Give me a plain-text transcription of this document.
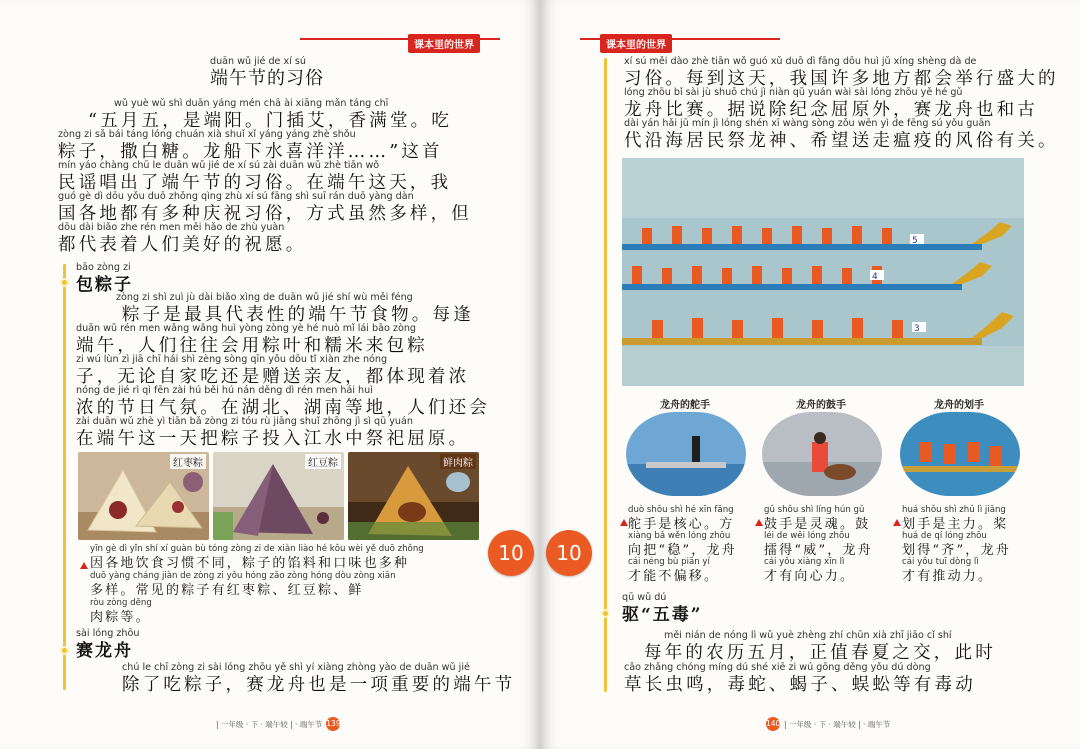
课本里的世界
duān wǔ jié de xí sú
端午节的习俗
wǔ yuè wǔ shì duān yáng mén chā ài xiāng mǎn táng chī
“五月五，是端阳。门插艾，香满堂。吃
zòng zi sǎ bái táng lóng chuán xià shuǐ xǐ yáng yáng zhè shǒu
粽子，撒白糖。龙船下水喜洋洋……”这首
mín yáo chàng chū le duān wǔ jié de xí sú zài duān wǔ zhè tiān wǒ
民谣唱出了端午节的习俗。在端午这天，我
guó gè dì dōu yǒu duō zhǒng qìng zhù xí sú fāng shì suī rán duō yàng dàn
国各地都有多种庆祝习俗，方式虽然多样，但
dōu dài biǎo zhe rén men měi hǎo de zhù yuàn
都代表着人们美好的祝愿。
bāo zòng zi
包粽子
zòng zi shì zuì jù dài biǎo xìng de duān wǔ jié shí wù měi féng
粽子是最具代表性的端午节食物。每逢
duān wǔ rén men wǎng wǎng huì yòng zòng yè hé nuò mǐ lái bāo zòng
端午，人们往往会用粽叶和糯米来包粽
zi wú lùn zì jiā chī hái shì zèng sòng qīn yǒu dōu tǐ xiàn zhe nóng
子，无论自家吃还是赠送亲友，都体现着浓
nóng de jié rì qì fēn zài hú běi hú nán děng dì rén men hái huì
浓的节日气氛。在湖北、湖南等地，人们还会
zài duān wǔ zhè yì tiān bǎ zòng zi tóu rù jiāng shuǐ zhōng jì sì qū yuán
在端午这一天把粽子投入江水中祭祀屈原。
红枣粽	红豆粽	鲜肉粽
yīn gè dì yǐn shí xí guàn bù tóng zòng zi de xiàn liào hé kǒu wèi yě duō zhǒng
因各地饮食习惯不同，粽子的馅料和口味也多种
duō yàng cháng jiàn de zòng zi yǒu hóng zǎo zòng hóng dòu zòng xiān
多样。常见的粽子有红枣粽、红豆粽、鲜
ròu zòng děng
肉粽等。
sài lóng zhōu
赛龙舟
chú le chī zòng zi sài lóng zhōu yě shì yí xiàng zhòng yào de duān wǔ jié
除了吃粽子，赛龙舟也是一项重要的端午节
10
| 一年级 · 下 · 端午较 | · 端午节 139
课本里的世界
xí sú měi dào zhè tiān wǒ guó xǔ duō dì fāng dōu huì jǔ xíng shèng dà de
习俗。每到这天，我国许多地方都会举行盛大的
lóng zhōu bǐ sài jù shuō chú jì niàn qū yuán wài sài lóng zhōu yě hé gǔ
龙舟比赛。据说除纪念屈原外，赛龙舟也和古
dài yán hǎi jū mín jì lóng shén xī wàng sòng zǒu wēn yì de fēng sú yǒu guān
代沿海居民祭龙神、希望送走瘟疫的风俗有关。
5
4
3
龙舟的舵手	龙舟的鼓手	龙舟的划手
duò shǒu shì hé xīn fāng
舵手是核心。方
xiàng bǎ wěn lóng zhōu
向把“稳”，龙舟
cái néng bù piān yí
才能不偏移。
gǔ shǒu shì líng hún gǔ
鼓手是灵魂。鼓
léi de wēi lóng zhōu
擂得“威”，龙舟
cái yǒu xiàng xīn lì
才有向心力。
huá shǒu shì zhǔ lì jiǎng
划手是主力。桨
huá de qí lóng zhōu
划得“齐”，龙舟
cái yǒu tuī dòng lì
才有推动力。
qū wǔ dú
驱“五毒”
měi nián de nóng lì wǔ yuè zhèng zhí chūn xià zhī jiāo cǐ shí
每年的农历五月，正值春夏之交，此时
cǎo zhǎng chóng míng dú shé xiē zi wú gōng děng yǒu dú dòng
草长虫鸣，毒蛇、蝎子、蜈蚣等有毒动
10
140 | 一年级 · 下 · 端午较 | · 端午节
